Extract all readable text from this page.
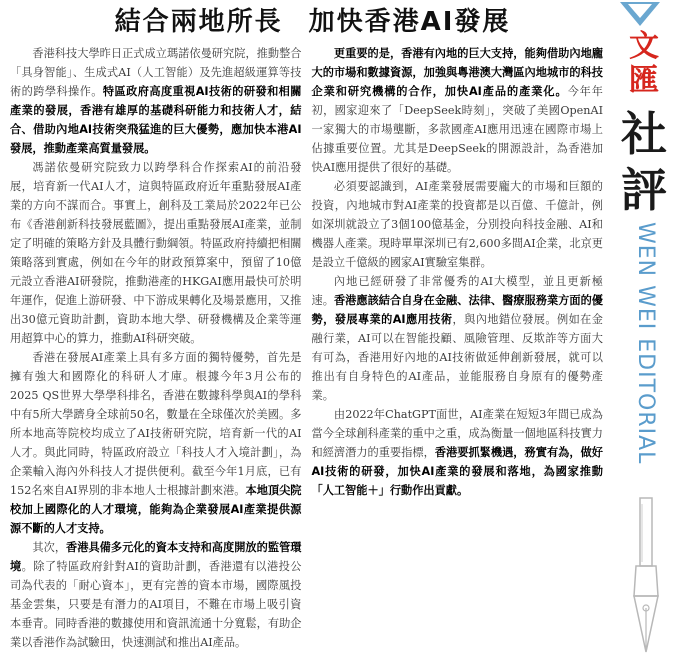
結合兩地所長 加快香港AI發展

香港科技大學昨日正式成立瑪諾依曼研究院，推動整合「具身智能」、生成式AI（人工智能）及先進超級運算等技術的跨學科操作。特區政府高度重視AI技術的研發和相關產業的發展，香港有雄厚的基礎科研能力和技術人才，結合、借助內地AI技術突飛猛進的巨大優勢，應加快本港AI發展，推動產業高質量發展。

馮諾依曼研究院致力以跨學科合作探索AI的前沿發展，培育新一代AI人才，這與特區政府近年重點發展AI產業的方向不謀而合。事實上，創科及工業局於2022年已公布《香港創新科技發展藍圖》，提出重點發展AI產業，並制定了明確的策略方針及具體行動綱領。特區政府持續把相關策略落到實處，例如在今年的財政預算案中，預留了10億元設立香港AI研發院，推動港產的HKGAI應用最快可於明年運作，促進上游研發、中下游成果轉化及場景應用，又推出30億元資助計劃，資助本地大學、研發機構及企業等運用超算中心的算力，推動AI科研突破。

香港在發展AI產業上具有多方面的獨特優勢，首先是擁有強大和國際化的科研人才庫。根據今年3月公布的2025 QS世界大學學科排名，香港在數據科學與AI的學科中有5所大學躋身全球前50名，數量在全球僅次於美國。多所本地高等院校均成立了AI技術研究院，培育新一代的AI人才。與此同時，特區政府設立「科技人才入境計劃」，為企業輸入海內外科技人才提供便利。截至今年1月底，已有152名來自AI界別的非本地人士根據計劃來港。本地頂尖院校加上國際化的人才環境，能夠為企業發展AI產業提供源源不斷的人才支持。

其次，香港具備多元化的資本支持和高度開放的監管環境。除了特區政府針對AI的資助計劃，香港還有以港投公司為代表的「耐心資本」，更有完善的資本市場，國際風投基金雲集，只要是有潛力的AI項目，不難在市場上吸引資本垂青。同時香港的數據使用和資訊流通十分寬鬆，有助企業以香港作為試驗田，快速測試和推出AI產品。

更重要的是，香港有內地的巨大支持，能夠借助內地龐大的市場和數據資源，加強與粵港澳大灣區內地城市的科技企業和研究機構的合作，加快AI產品的產業化。今年年初，國家迎來了「DeepSeek時刻」，突破了美國OpenAI一家獨大的市場壟斷，多款國產AI應用迅速在國際市場上佔據重要位置。尤其是DeepSeek的開源設計，為香港加快AI應用提供了很好的基礎。

必須要認識到，AI產業發展需要龐大的市場和巨額的投資，內地城市對AI產業的投資都是以百億、千億計，例如深圳就設立了3個100億基金，分別投向科技金融、AI和機器人產業。現時單單深圳已有2,600多間AI企業，北京更是設立千億級的國家AI實驗室集群。

內地已經研發了非常優秀的AI大模型，並且更新極速。香港應該結合自身在金融、法律、醫療服務業方面的優勢，發展專業的AI應用技術，與內地錯位發展。例如在金融行業，AI可以在智能投顧、風險管理、反欺詐等方面大有可為，香港用好內地的AI技術做延伸創新發展，就可以推出有自身特色的AI產品，並能服務自身原有的優勢產業。

由2022年ChatGPT面世，AI產業在短短3年間已成為當今全球創科產業的重中之重，成為衡量一個地區科技實力和經濟潛力的重要指標，香港要抓緊機遇，務實有為，做好AI技術的研發，加快AI產業的發展和落地，為國家推動「人工智能＋」行動作出貢獻。

文
匯
社
評
WEN WEI EDITORIAL
